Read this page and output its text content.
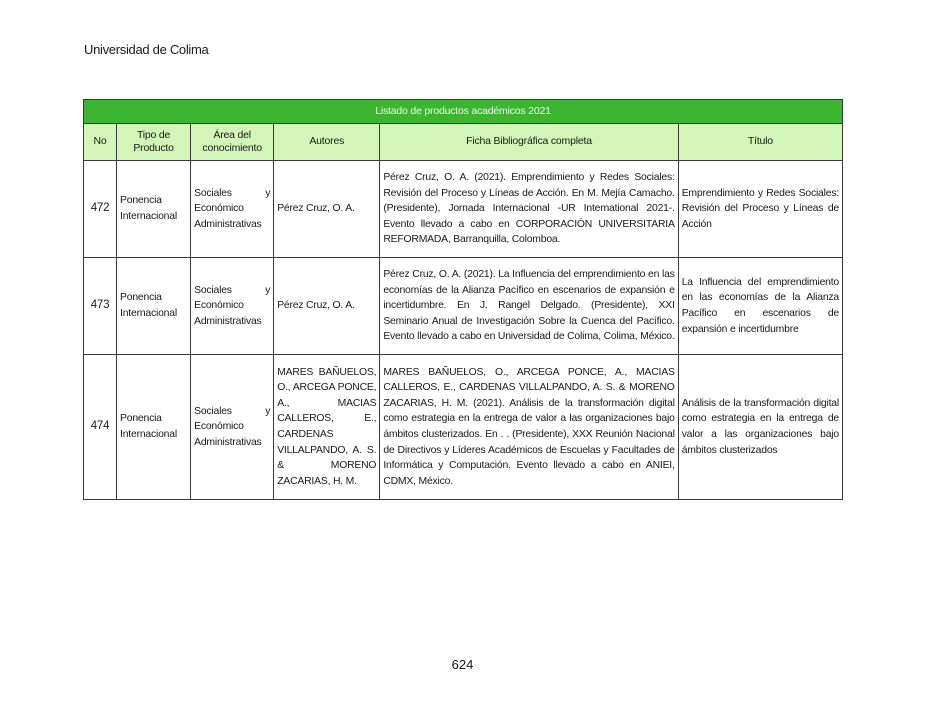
Universidad de Colima
Listado de productos académicos 2021					
No	Tipo de Producto	Área del conocimiento	Autores	Ficha Bibliográfica completa	Título
472	Ponencia Internacional	Sociales y Económico Administrativas	Pérez Cruz, O. A.	Pérez Cruz, O. A. (2021). Emprendimiento y Redes Sociales: Revisión del Proceso y Líneas de Acción. En M. Mejía Camacho. (Presidente), Jornada Internacional -UR International 2021-. Evento llevado a cabo en CORPORACIÓN UNIVERSITARIA REFORMADA, Barranquilla, Colomboa.	Emprendimiento y Redes Sociales: Revisión del Proceso y Líneas de Acción
473	Ponencia Internacional	Sociales y Económico Administrativas	Pérez Cruz, O. A.	Pérez Cruz, O. A. (2021). La Influencia del emprendimiento en las economías de la Alianza Pacífico en escenarios de expansión e incertidumbre. En J. Rangel Delgado. (Presidente), XXI Seminario Anual de Investigación Sobre la Cuenca del Pacífico. Evento llevado a cabo en Universidad de Colima, Colima, México.	La Influencia del emprendimiento en las economías de la Alianza Pacífico en escenarios de expansión e incertidumbre
474	Ponencia Internacional	Sociales y Económico Administrativas	MARES BAÑUELOS, O., ARCEGA PONCE, A., MACIAS CALLEROS, E., CARDENAS VILLALPANDO, A. S. & MORENO ZACARIAS, H. M.	MARES BAÑUELOS, O., ARCEGA PONCE, A., MACIAS CALLEROS, E., CARDENAS VILLALPANDO, A. S. & MORENO ZACARIAS, H. M. (2021). Análisis de la transformación digital como estrategia en la entrega de valor a las organizaciones bajo ámbitos clusterizados. En . . (Presidente), XXX Reunión Nacional de Directivos y Líderes Académicos de Escuelas y Facultades de Informática y Computación. Evento llevado a cabo en ANIEI, CDMX, México.	Análisis de la transformación digital como estrategia en la entrega de valor a las organizaciones bajo ámbitos clusterizados
624
